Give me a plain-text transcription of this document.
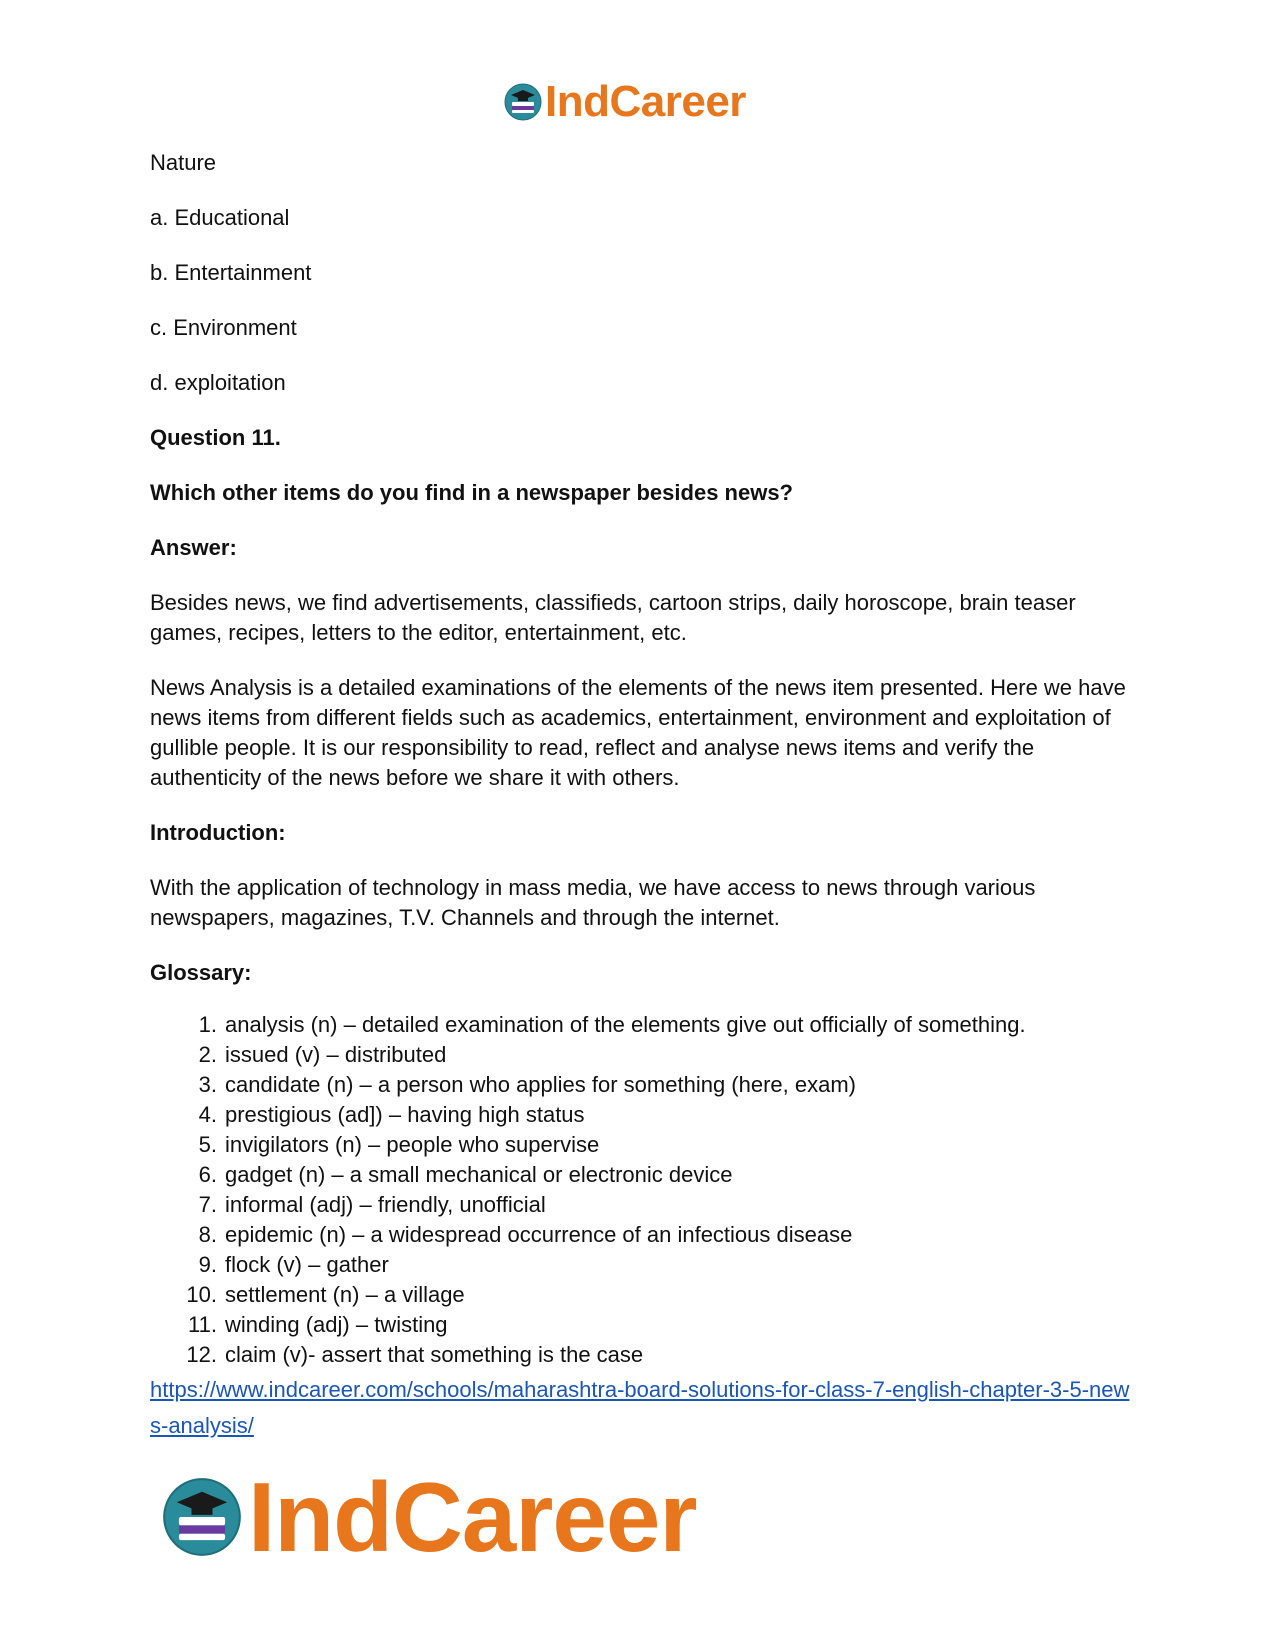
IndCareer

Nature

a. Educational

b. Entertainment

c. Environment

d. exploitation

Question 11.

Which other items do you find in a newspaper besides news?

Answer:

Besides news, we find advertisements, classifieds, cartoon strips, daily horoscope, brain teaser games, recipes, letters to the editor, entertainment, etc.

News Analysis is a detailed examinations of the elements of the news item presented. Here we have news items from different fields such as academics, entertainment, environment and exploitation of gullible people. It is our responsibility to read, reflect and analyse news items and verify the authenticity of the news before we share it with others.

Introduction:

With the application of technology in mass media, we have access to news through various newspapers, magazines, T.V. Channels and through the internet.

Glossary:

1. analysis (n) – detailed examination of the elements give out officially of something.
2. issued (v) – distributed
3. candidate (n) – a person who applies for something (here, exam)
4. prestigious (ad]) – having high status
5. invigilators (n) – people who supervise
6. gadget (n) – a small mechanical or electronic device
7. informal (adj) – friendly, unofficial
8. epidemic (n) – a widespread occurrence of an infectious disease
9. flock (v) – gather
10. settlement (n) – a village
11. winding (adj) – twisting
12. claim (v)- assert that something is the case
https://www.indcareer.com/schools/maharashtra-board-solutions-for-class-7-english-chapter-3-5-news-analysis/
IndCareer
